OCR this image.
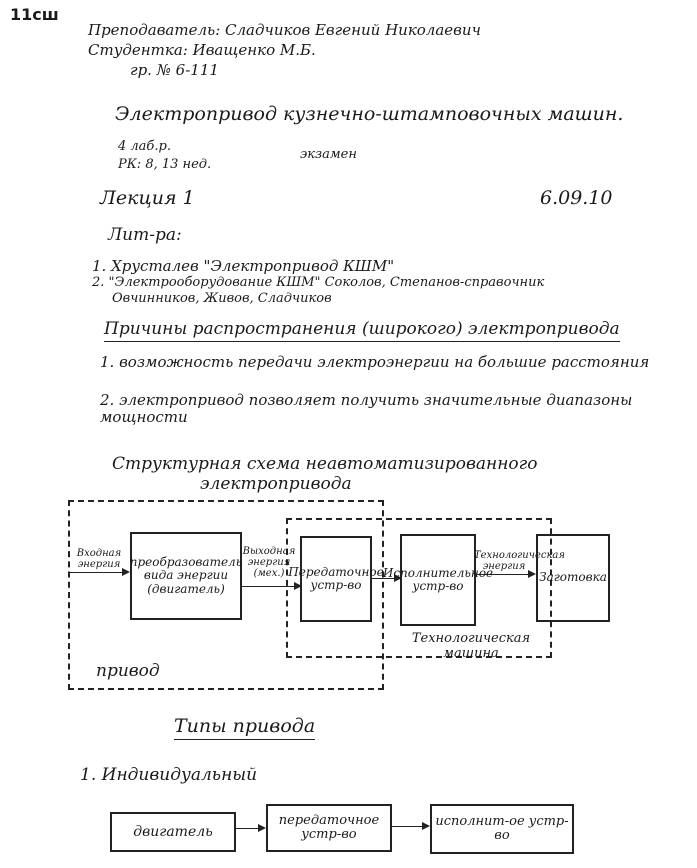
11сш
Преподаватель: Сладчиков Евгений Николаевич
Студентка: Иващенко М.Б.
гр. № 6-111
Электропривод кузнечно-штамповочных машин.
4 лаб.р.
РК: 8, 13 нед.
экзамен
Лекция 1	6.09.10
Лит-ра:
1. Хрусталев "Электропривод КШМ"
2. "Электрооборудование КШМ" Соколов, Степанов-справочник
Овчинников, Живов, Сладчиков
Причины распространения (широкого) электропривода
1. возможность передачи электроэнергии на большие расстояния
2. электропривод позволяет получить значительные диапазоны мощности
Структурная схема неавтоматизированного
электропривода
Входная энергия преобразователь вида энергии (двигатель)
Выходная энергия (мех.) Передаточное устр-во
Исполнительное устр-во
Технологическая энергия
Заготовка
Технологическая машина
привод
Типы привода
1. Индивидуальный
двигатель
передаточное устр-во
исполнит-ое устр-во
